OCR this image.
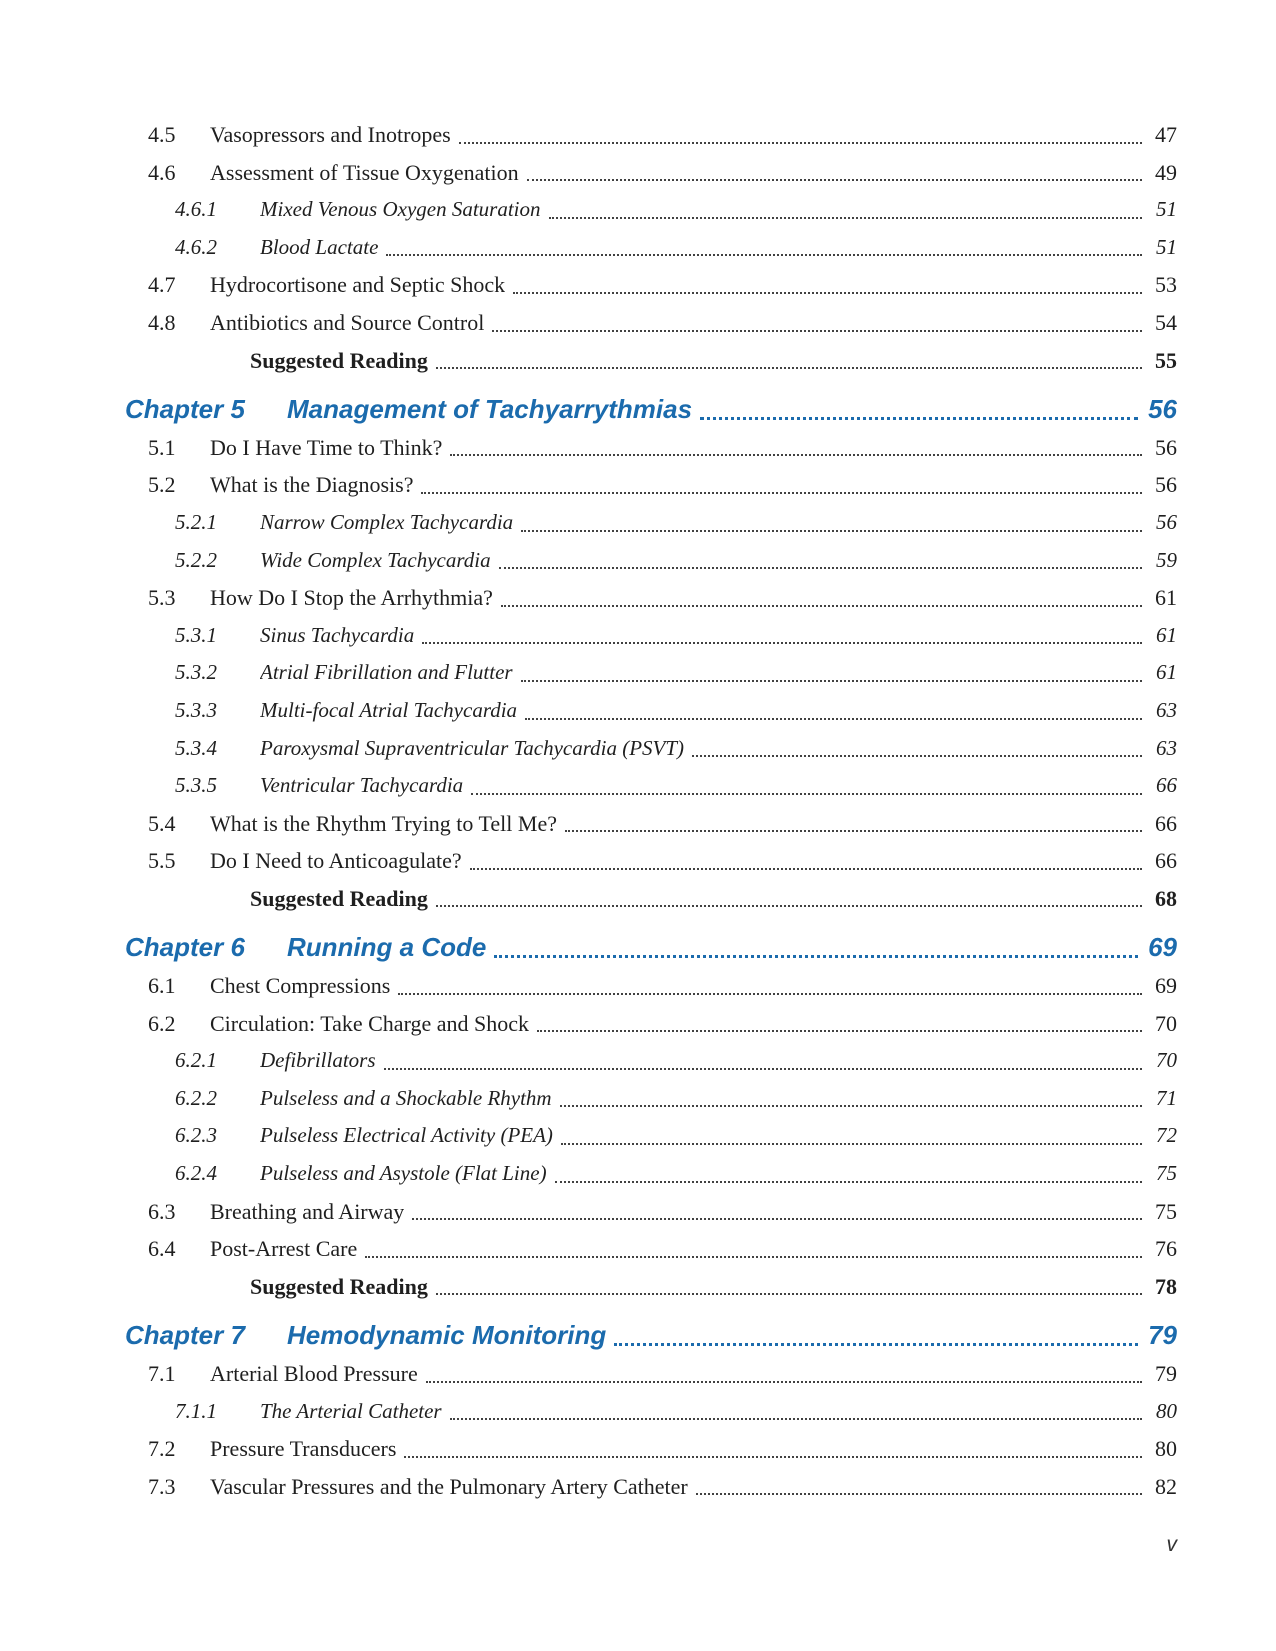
4.5	Vasopressors and Inotropes	47
4.6	Assessment of Tissue Oxygenation	49
4.6.1	Mixed Venous Oxygen Saturation	51
4.6.2	Blood Lactate	51
4.7	Hydrocortisone and Septic Shock	53
4.8	Antibiotics and Source Control	54
Suggested Reading	55
Chapter 5	Management of Tachyarrythmias	56
5.1	Do I Have Time to Think?	56
5.2	What is the Diagnosis?	56
5.2.1	Narrow Complex Tachycardia	56
5.2.2	Wide Complex Tachycardia	59
5.3	How Do I Stop the Arrhythmia?	61
5.3.1	Sinus Tachycardia	61
5.3.2	Atrial Fibrillation and Flutter	61
5.3.3	Multi-focal Atrial Tachycardia	63
5.3.4	Paroxysmal Supraventricular Tachycardia (PSVT)	63
5.3.5	Ventricular Tachycardia	66
5.4	What is the Rhythm Trying to Tell Me?	66
5.5	Do I Need to Anticoagulate?	66
Suggested Reading	68
Chapter 6	Running a Code	69
6.1	Chest Compressions	69
6.2	Circulation: Take Charge and Shock	70
6.2.1	Defibrillators	70
6.2.2	Pulseless and a Shockable Rhythm	71
6.2.3	Pulseless Electrical Activity (PEA)	72
6.2.4	Pulseless and Asystole (Flat Line)	75
6.3	Breathing and Airway	75
6.4	Post-Arrest Care	76
Suggested Reading	78
Chapter 7	Hemodynamic Monitoring	79
7.1	Arterial Blood Pressure	79
7.1.1	The Arterial Catheter	80
7.2	Pressure Transducers	80
7.3	Vascular Pressures and the Pulmonary Artery Catheter	82
v
